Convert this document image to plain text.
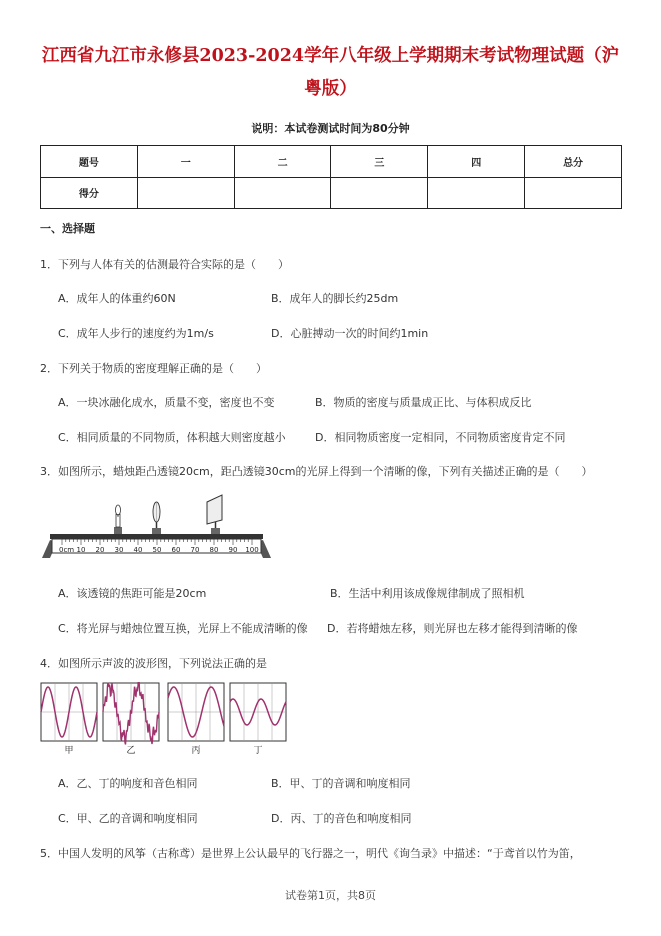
江西省九江市永修县2023-2024学年八年级上学期期末考试物理试题（沪粤版）
说明：本试卷测试时间为80分钟
题号	一	二	三	四	总分
得分					
一、选择题
1．下列与人体有关的估测最符合实际的是（　　）
A．成年人的体重约60N	B．成年人的脚长约25dm
C．成年人步行的速度约为1m/s	D．心脏搏动一次的时间约1min
2．下列关于物质的密度理解正确的是（　　）
A．一块冰融化成水，质量不变，密度也不变	B．物质的密度与质量成正比、与体积成反比
C．相同质量的不同物质，体积越大则密度越小	D．相同物质密度一定相同，不同物质密度肯定不同
3．如图所示，蜡烛距凸透镜20cm，距凸透镜30cm的光屏上得到一个清晰的像，下列有关描述正确的是（　　）
0cm 10 20 30 40 50 60 70 80 90 100
A．该透镜的焦距可能是20cm	B．生活中利用该成像规律制成了照相机
C．将光屏与蜡烛位置互换，光屏上不能成清晰的像 D．若将蜡烛左移，则光屏也左移才能得到清晰的像
4．如图所示声波的波形图，下列说法正确的是
甲	乙	丙	丁
A．乙、丁的响度和音色相同	B．甲、丁的音调和响度相同
C．甲、乙的音调和响度相同	D．丙、丁的音色和响度相同
5．中国人发明的风筝（古称鸢）是世界上公认最早的飞行器之一，明代《询刍录》中描述：“于鸢首以竹为笛，
试卷第1页，共8页
